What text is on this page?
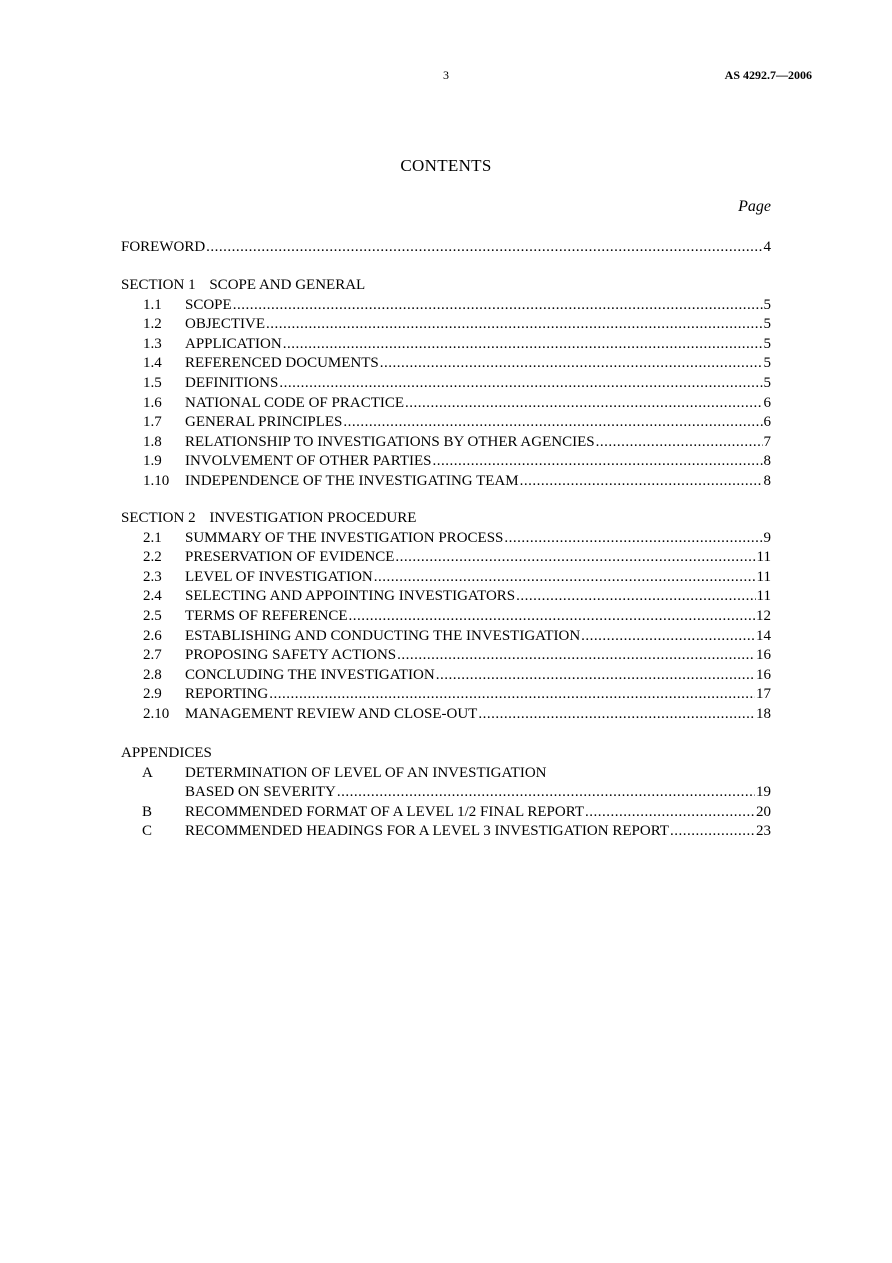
3	AS 4292.7—2006
CONTENTS
Page
FOREWORD .....	4
SECTION 1 SCOPE AND GENERAL
1.1	SCOPE .....	5
1.2	OBJECTIVE .....	5
1.3	APPLICATION .....	5
1.4	REFERENCED DOCUMENTS .....	5
1.5	DEFINITIONS .....	5
1.6	NATIONAL CODE OF PRACTICE .....	6
1.7	GENERAL PRINCIPLES .....	6
1.8	RELATIONSHIP TO INVESTIGATIONS BY OTHER AGENCIES .....	7
1.9	INVOLVEMENT OF OTHER PARTIES .....	8
1.10	INDEPENDENCE OF THE INVESTIGATING TEAM .....	8
SECTION 2 INVESTIGATION PROCEDURE
2.1	SUMMARY OF THE INVESTIGATION PROCESS .....	9
2.2	PRESERVATION OF EVIDENCE .....	11
2.3	LEVEL OF INVESTIGATION .....	11
2.4	SELECTING AND APPOINTING INVESTIGATORS .....	11
2.5	TERMS OF REFERENCE .....	12
2.6	ESTABLISHING AND CONDUCTING THE INVESTIGATION .....	14
2.7	PROPOSING SAFETY ACTIONS .....	16
2.8	CONCLUDING THE INVESTIGATION .....	16
2.9	REPORTING .....	17
2.10	MANAGEMENT REVIEW AND CLOSE-OUT .....	18
APPENDICES
A	DETERMINATION OF LEVEL OF AN INVESTIGATION
BASED ON SEVERITY .....	19
B	RECOMMENDED FORMAT OF A LEVEL 1/2 FINAL REPORT .....	20
C	RECOMMENDED HEADINGS FOR A LEVEL 3 INVESTIGATION REPORT .....	23
